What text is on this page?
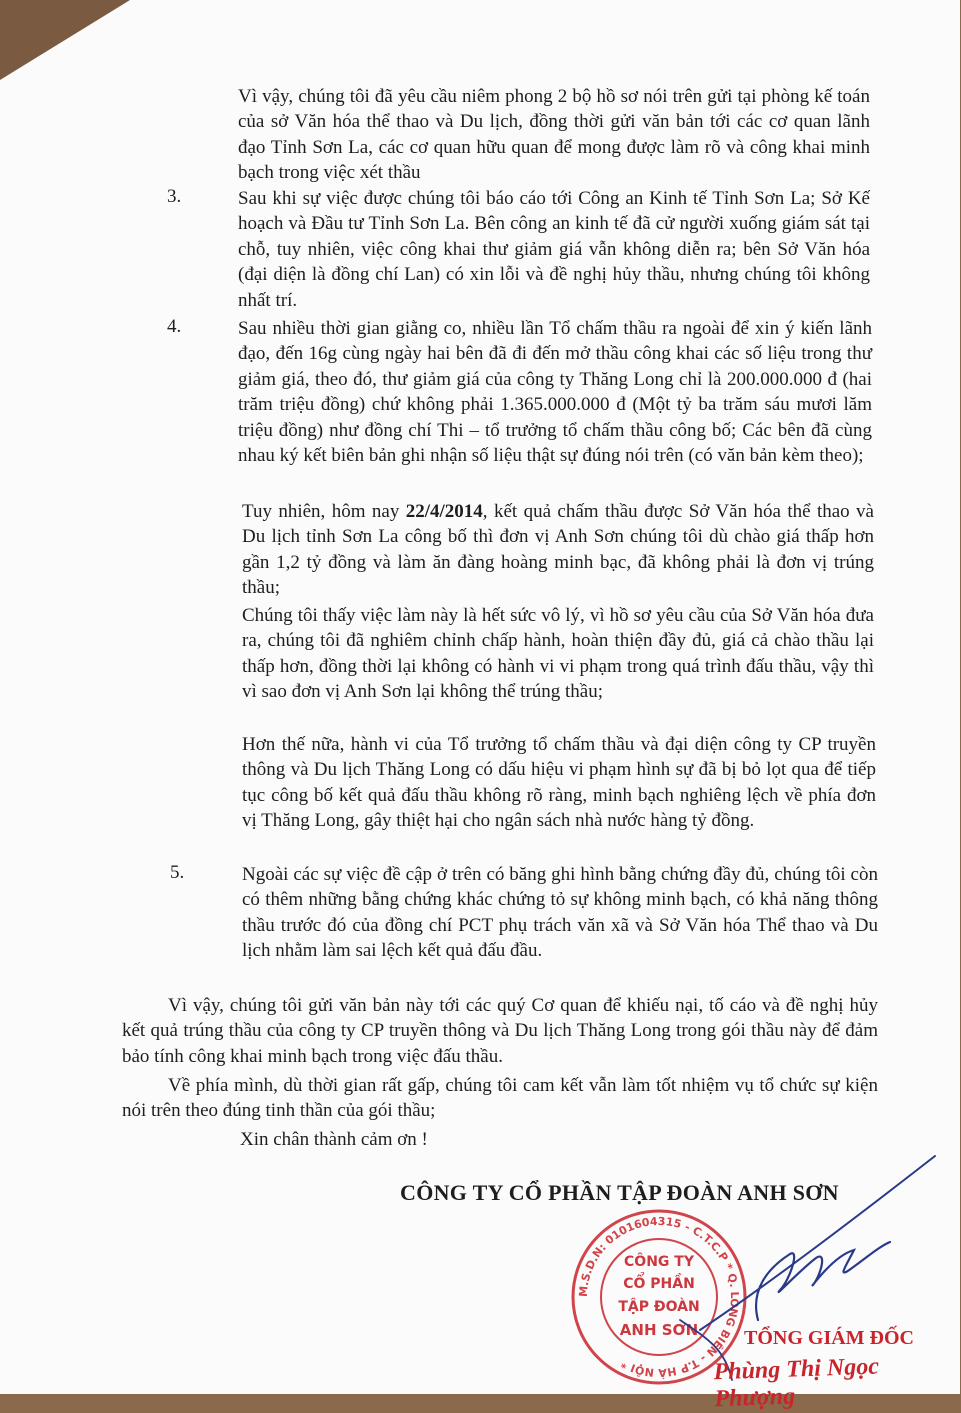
Vì vậy, chúng tôi đã yêu cầu niêm phong 2 bộ hồ sơ nói trên gửi tại phòng kế toán của sở Văn hóa thể thao và Du lịch, đồng thời gửi văn bản tới các cơ quan lãnh đạo Tỉnh Sơn La, các cơ quan hữu quan để mong được làm rõ và công khai minh bạch trong việc xét thầu

3.	Sau khi sự việc được chúng tôi báo cáo tới Công an Kinh tế Tỉnh Sơn La; Sở Kế hoạch và Đầu tư Tỉnh Sơn La. Bên công an kinh tế đã cử người xuống giám sát tại chỗ, tuy nhiên, việc công khai thư giảm giá vẫn không diễn ra; bên Sở Văn hóa (đại diện là đồng chí Lan) có xin lỗi và đề nghị hủy thầu, nhưng chúng tôi không nhất trí.

4.	Sau nhiều thời gian giằng co, nhiều lần Tổ chấm thầu ra ngoài để xin ý kiến lãnh đạo, đến 16g cùng ngày hai bên đã đi đến mở thầu công khai các số liệu trong thư giảm giá, theo đó, thư giảm giá của công ty Thăng Long chỉ là 200.000.000 đ (hai trăm triệu đồng) chứ không phải 1.365.000.000 đ (Một tỷ ba trăm sáu mươi lăm triệu đồng) như đồng chí Thi – tổ trưởng tổ chấm thầu công bố; Các bên đã cùng nhau ký kết biên bản ghi nhận số liệu thật sự đúng nói trên (có văn bản kèm theo);

Tuy nhiên, hôm nay 22/4/2014, kết quả chấm thầu được Sở Văn hóa thể thao và Du lịch tỉnh Sơn La công bố thì đơn vị Anh Sơn chúng tôi dù chào giá thấp hơn gần 1,2 tỷ đồng và làm ăn đàng hoàng minh bạc, đã không phải là đơn vị trúng thầu;

Chúng tôi thấy việc làm này là hết sức vô lý, vì hồ sơ yêu cầu của Sở Văn hóa đưa ra, chúng tôi đã nghiêm chỉnh chấp hành, hoàn thiện đầy đủ, giá cả chào thầu lại thấp hơn, đồng thời lại không có hành vi vi phạm trong quá trình đấu thầu, vậy thì vì sao đơn vị Anh Sơn lại không thể trúng thầu;

Hơn thế nữa, hành vi của Tổ trưởng tổ chấm thầu và đại diện công ty CP truyền thông và Du lịch Thăng Long có dấu hiệu vi phạm hình sự đã bị bỏ lọt qua để tiếp tục công bố kết quả đấu thầu không rõ ràng, minh bạch nghiêng lệch về phía đơn vị Thăng Long, gây thiệt hại cho ngân sách nhà nước hàng tỷ đồng.

5.	Ngoài các sự việc đề cập ở trên có băng ghi hình bằng chứng đầy đủ, chúng tôi còn có thêm những bằng chứng khác chứng tỏ sự không minh bạch, có khả năng thông thầu trước đó của đồng chí PCT phụ trách văn xã và Sở Văn hóa Thể thao và Du lịch nhằm làm sai lệch kết quả đấu đầu.

Vì vậy, chúng tôi gửi văn bản này tới các quý Cơ quan để khiếu nại, tố cáo và đề nghị hủy kết quả trúng thầu của công ty CP truyền thông và Du lịch Thăng Long trong gói thầu này để đảm bảo tính công khai minh bạch trong việc đấu thầu.

Về phía mình, dù thời gian rất gấp, chúng tôi cam kết vẫn làm tốt nhiệm vụ tổ chức sự kiện nói trên theo đúng tinh thần của gói thầu;

Xin chân thành cảm ơn !

CÔNG TY CỔ PHẦN TẬP ĐOÀN ANH SƠN

M.S.D.N: 0101604315 - C.T.C.P * Q. LONG BIÊN - T.P HÀ NỘI *
CÔNG TY
CỔ PHẦN
TẬP ĐOÀN
ANH SƠN TỔNG GIÁM ĐỐC

Phùng Thị Ngọc Phượng
